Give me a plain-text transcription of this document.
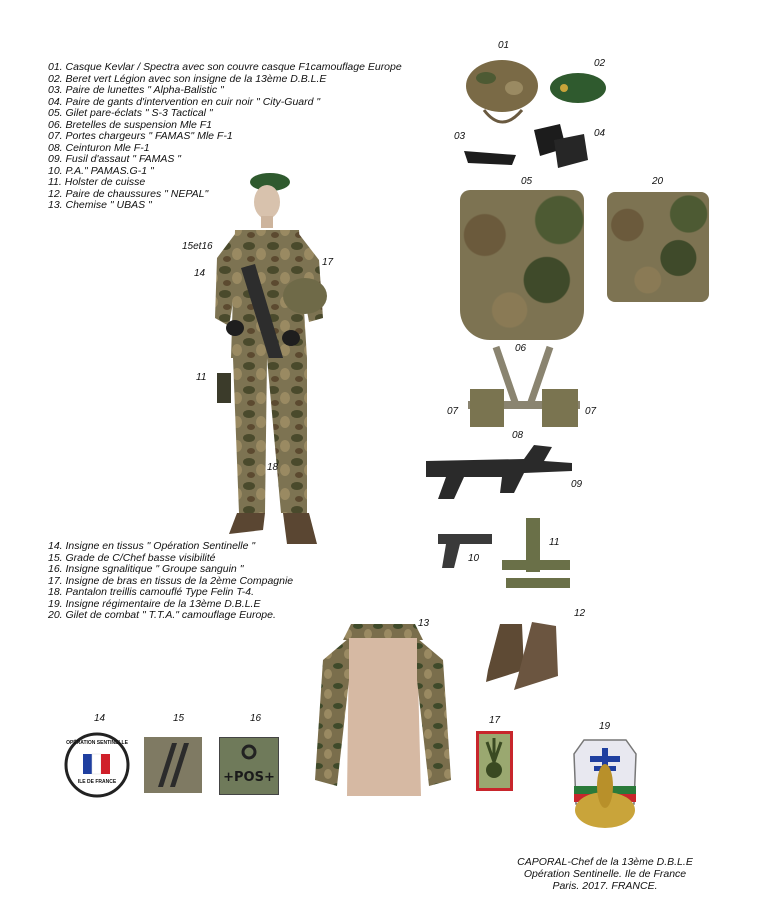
01. Casque Kevlar / Spectra avec son couvre casque F1camouflage Europe
02. Beret vert Légion avec son insigne de la 13ème D.B.L.E
03. Paire de lunettes " Alpha-Balistic "
04. Paire de gants d'intervention en cuir noir " City-Guard "
05. Gilet pare-éclats " S-3 Tactical "
06. Bretelles de suspension Mle F1
07. Portes chargeurs " FAMAS" Mle F-1
08. Ceinturon Mle F-1
09. Fusil d'assaut " FAMAS "
10. P.A." PAMAS.G-1 "
11. Holster de cuisse
12. Paire de chaussures " NEPAL"
13. Chemise " UBAS "
15et16
14
17
11
18
01
02
03	04
05	20
06
07	07
08
09
10
11
12
13
14. Insigne en tissus " Opération Sentinelle "
15. Grade de C/Chef basse visibilité
16. Insigne sgnalitique " Groupe sanguin "
17. Insigne de bras en tissus de la 2ème Compagnie
18. Pantalon treillis camouflé Type Felin T-4.
19. Insigne régimentaire de la 13ème D.B.L.E
20. Gilet de combat " T.T.A." camouflage Europe.
14
OPÉRATION SENTINELLE
ILE DE FRANCE
15	16
+POS+
17
19
CAPORAL-Chef de la 13ème D.B.L.E
Opération Sentinelle. Ile de France
Paris. 2017. FRANCE.
